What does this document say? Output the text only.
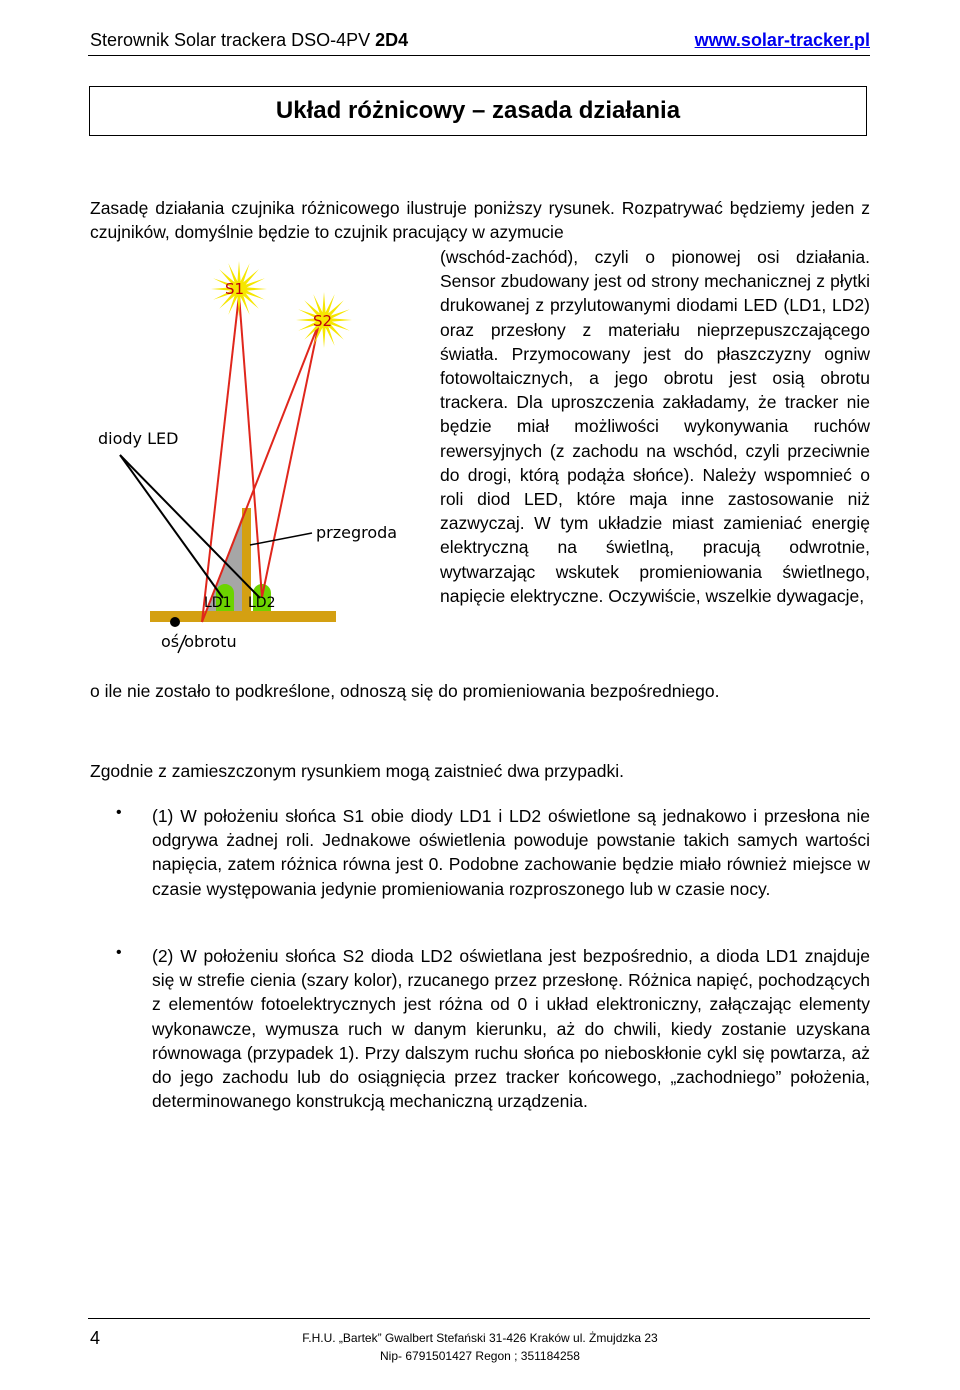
Sterownik Solar trackera DSO-4PV 2D4	www.solar-tracker.pl
Układ różnicowy – zasada działania
Zasadę działania czujnika różnicowego ilustruje poniższy rysunek. Rozpatrywać będziemy jeden z czujników, domyślnie będzie to czujnik pracujący w azymucie
S1
S2
diody LED
przegroda
LD1 LD2
oś obrotu
(wschód-zachód), czyli o pionowej osi działania. Sensor zbudowany jest od strony mechanicznej z płytki drukowanej z przylutowanymi diodami LED (LD1, LD2) oraz przesłony z materiału nieprzepuszczającego światła. Przymocowany jest do płaszczyzny ogniw fotowoltaicznych, a jego obrotu jest osią obrotu trackera. Dla uproszczenia zakładamy, że tracker nie będzie miał możliwości wykonywania ruchów rewersyjnych (z zachodu na wschód, czyli przeciwnie do drogi, którą podąża słońce). Należy wspomnieć o roli diod LED, które maja inne zastosowanie niż zazwyczaj. W tym układzie miast zamieniać energię elektryczną na świetlną, pracują odwrotnie, wytwarzając wskutek promieniowania świetlnego, napięcie elektryczne. Oczywiście, wszelkie dywagacje,
o ile nie zostało to podkreślone, odnoszą się do promieniowania bezpośredniego.
Zgodnie z zamieszczonym rysunkiem mogą zaistnieć dwa przypadki.
• (1) W położeniu słońca S1 obie diody LD1 i LD2 oświetlone są jednakowo i przesłona nie odgrywa żadnej roli. Jednakowe oświetlenia powoduje powstanie takich samych wartości napięcia, zatem różnica równa jest 0. Podobne zachowanie będzie miało również miejsce w czasie występowania jedynie promieniowania rozproszonego lub w czasie nocy.
• (2) W położeniu słońca S2 dioda LD2 oświetlana jest bezpośrednio, a dioda LD1 znajduje się w strefie cienia (szary kolor), rzucanego przez przesłonę. Różnica napięć, pochodzących z elementów fotoelektrycznych jest różna od 0 i układ elektroniczny, załączając elementy wykonawcze, wymusza ruch w danym kierunku, aż do chwili, kiedy zostanie uzyskana równowaga (przypadek 1). Przy dalszym ruchu słońca po nieboskłonie cykl się powtarza, aż do jego zachodu lub do osiągnięcia przez tracker końcowego, „zachodniego” położenia, determinowanego konstrukcją mechaniczną urządzenia.
4	F.H.U. „Bartek” Gwalbert Stefański 31-426 Kraków ul. Żmujdzka 23
Nip- 6791501427 Regon ; 351184258
